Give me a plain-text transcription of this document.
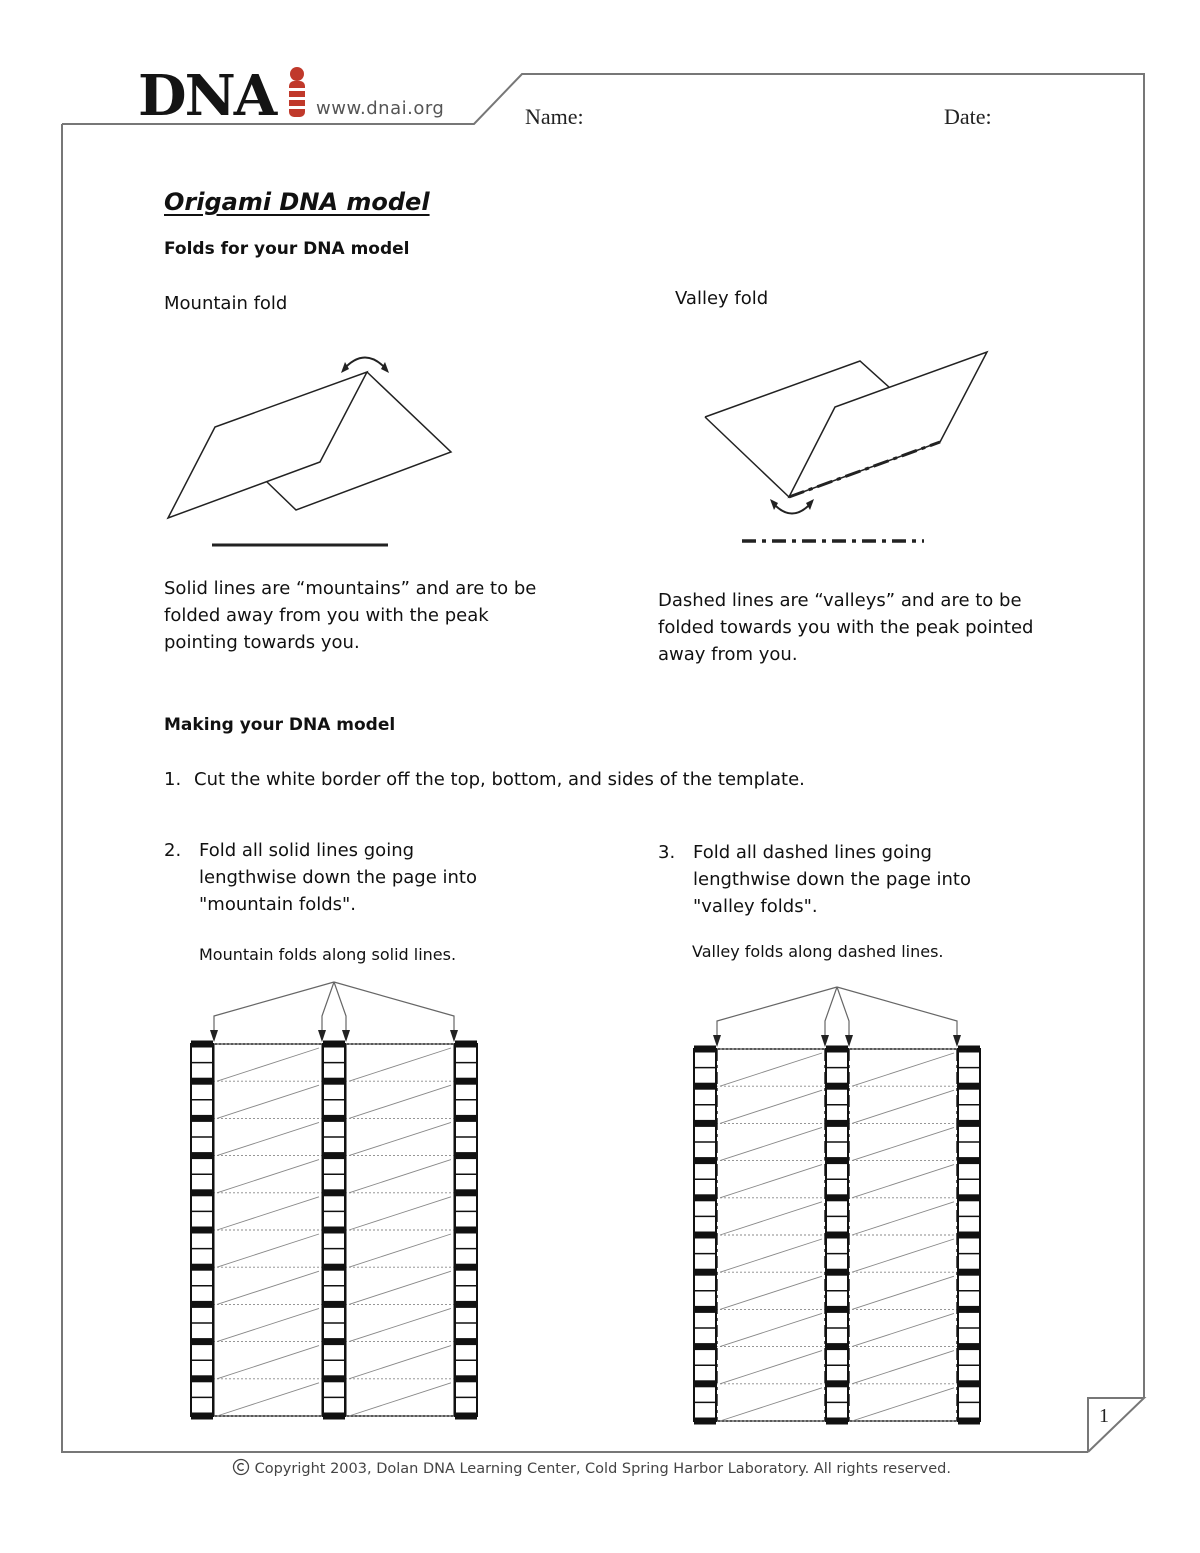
DNA www.dnai.org	Name:	Date:
Origami DNA model
Folds for your DNA model
Mountain fold
Solid lines are “mountains” and are to be
folded away from you with the peak
pointing towards you.
Valley fold
Dashed lines are “valleys” and are to be
folded towards you with the peak pointed
away from you.
Making your DNA model
1. Cut the white border off the top, bottom, and sides of the template.
2. Fold all solid lines going
lengthwise down the page into
"mountain folds".
Mountain folds along solid lines.
3. Fold all dashed lines going
lengthwise down the page into
"valley folds".
Valley folds along dashed lines.
1
Copyright 2003, Dolan DNA Learning Center, Cold Spring Harbor Laboratory. All rights reserved.
